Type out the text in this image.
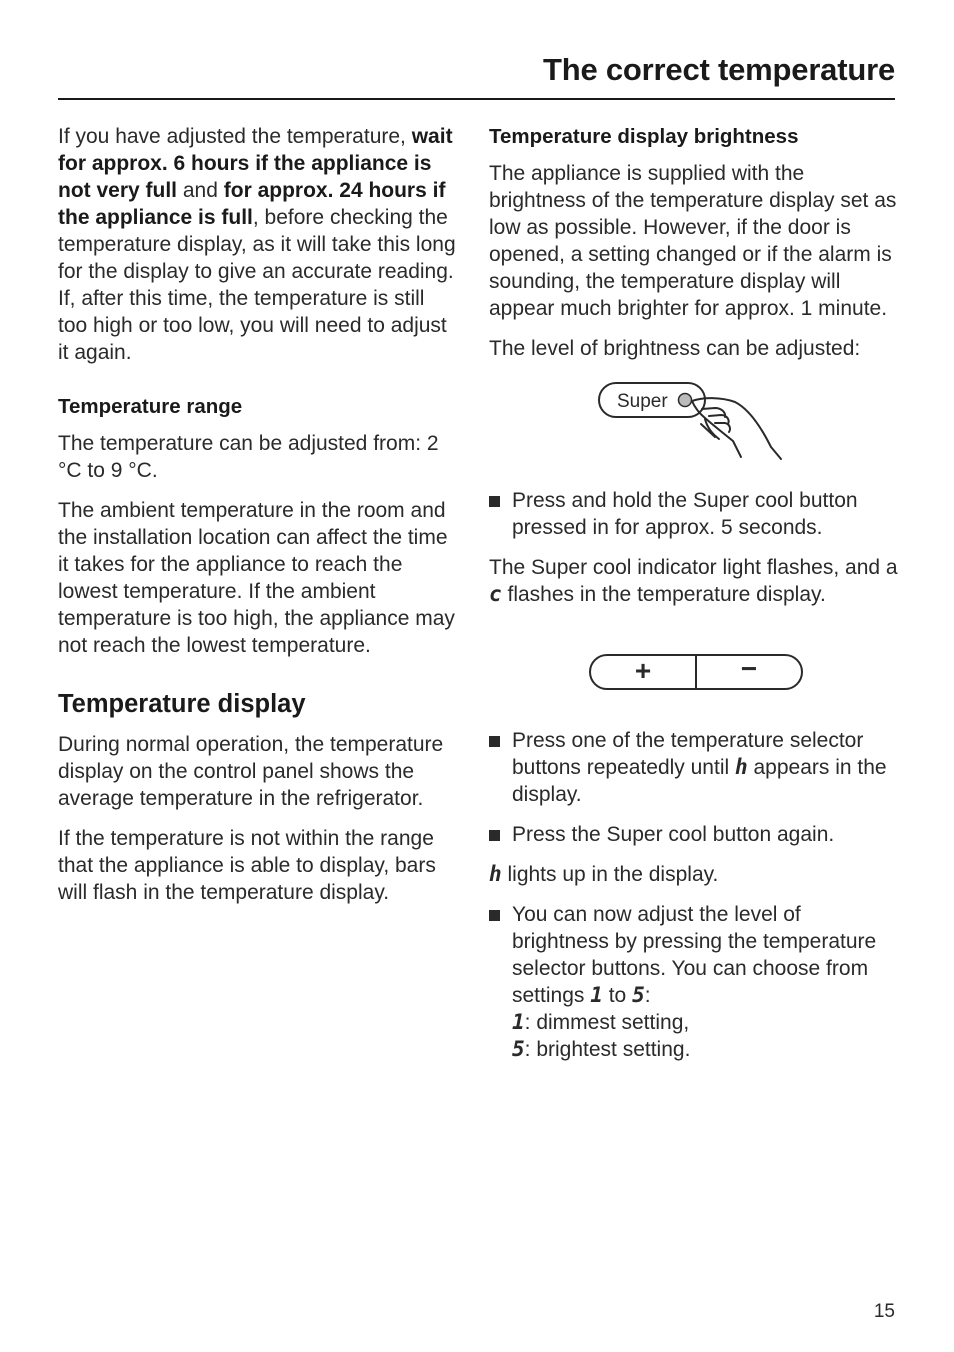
The correct temperature

If you have adjusted the temperature, wait for approx. 6 hours if the appliance is not very full and for approx. 24 hours if the appliance is full, before checking the temperature display, as it will take this long for the display to give an accurate reading. If, after this time, the temperature is still too high or too low, you will need to adjust it again.

Temperature range

The temperature can be adjusted from: 2 °C to 9 °C.

The ambient temperature in the room and the installation location can affect the time it takes for the appliance to reach the lowest temperature. If the ambient temperature is too high, the appliance may not reach the lowest temperature.

Temperature display

During normal operation, the temperature display on the control panel shows the average temperature in the refrigerator.

If the temperature is not within the range that the appliance is able to display, bars will flash in the temperature display.

Temperature display brightness

The appliance is supplied with the brightness of the temperature display set as low as possible. However, if the door is opened, a setting changed or if the alarm is sounding, the temperature display will appear much brighter for approx. 1 minute.

The level of brightness can be adjusted:

Super
Press and hold the Super cool button pressed in for approx. 5 seconds.

The Super cool indicator light flashes, and a c flashes in the temperature display.

+	−
Press one of the temperature selector buttons repeatedly until h appears in the display.
Press the Super cool button again.

h lights up in the display.

You can now adjust the level of brightness by pressing the temperature selector buttons. You can choose from settings 1 to 5:
1: dimmest setting,
5: brightest setting.
15
